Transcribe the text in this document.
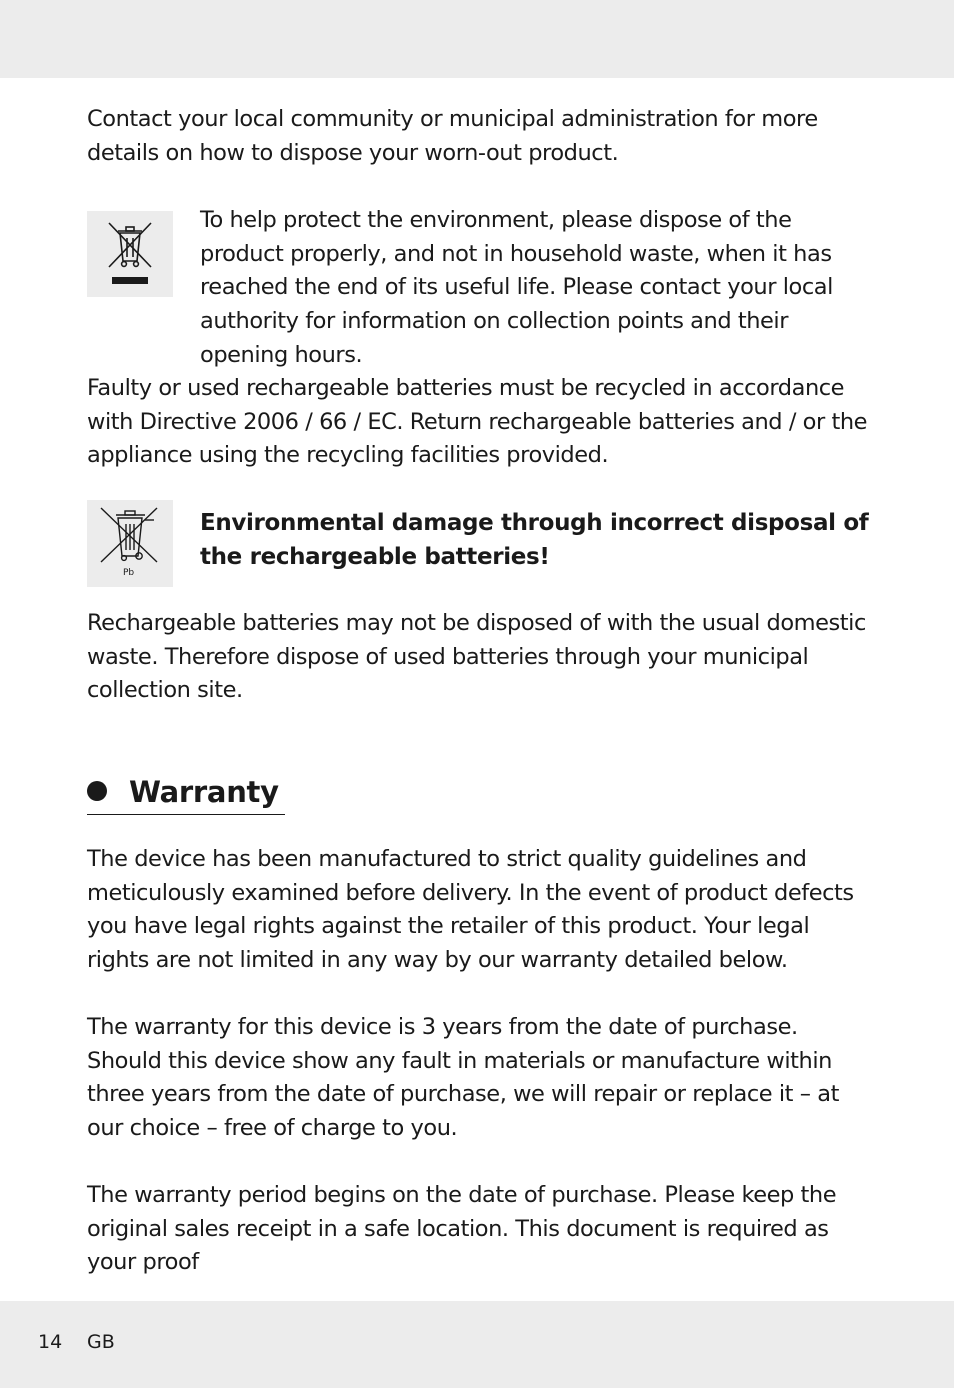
Contact your local community or municipal administration for more details on how to dispose your worn-out product.

To help protect the environment, please dispose of the product properly, and not in household waste, when it has reached the end of its useful life. Please contact your local authority for information on collection points and their opening hours.

Faulty or used rechargeable batteries must be recycled in accordance with Directive 2006 / 66 / EC. Return rechargeable batteries and / or the appliance using the recycling facilities provided.

Pb
Environmental damage through incorrect disposal of the rechargeable batteries!

Rechargeable batteries may not be disposed of with the usual domestic waste. Therefore dispose of used batteries through your municipal collection site.

Warranty

The device has been manufactured to strict quality guidelines and meticulously examined before delivery. In the event of product defects you have legal rights against the retailer of this product. Your legal rights are not limited in any way by our warranty detailed below.

The warranty for this device is 3 years from the date of purchase. Should this device show any fault in materials or manufacture within three years from the date of purchase, we will repair or replace it – at our choice – free of charge to you.

The warranty period begins on the date of purchase. Please keep the original sales receipt in a safe location. This document is required as your proof

14 GB
